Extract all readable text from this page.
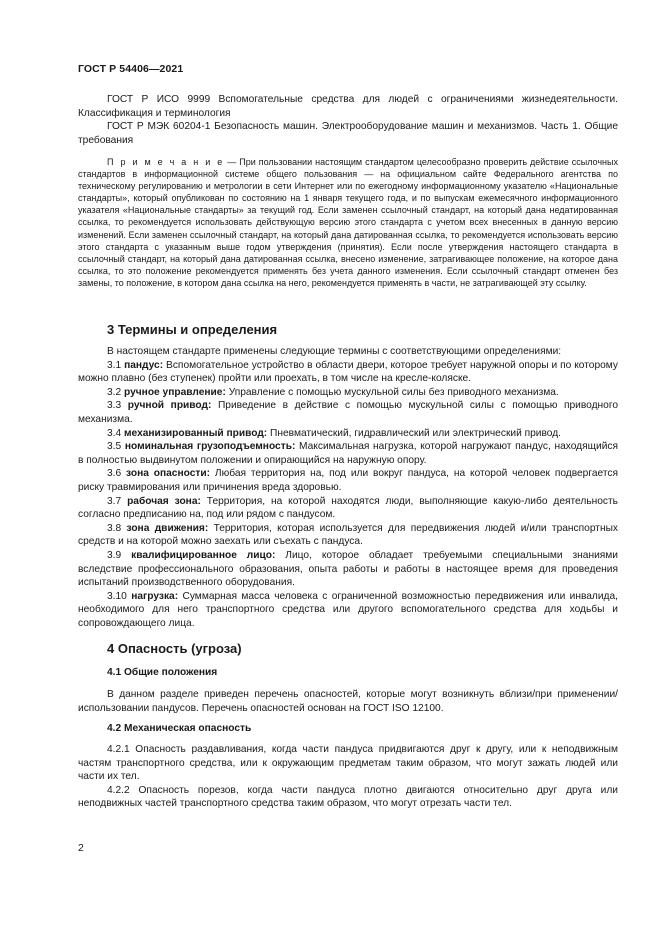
ГОСТ Р 54406—2021

ГОСТ Р ИСО 9999 Вспомогательные средства для людей с ограничениями жизнедеятельности. Классификация и терминология

ГОСТ Р МЭК 60204-1 Безопасность машин. Электрооборудование машин и механизмов. Часть 1. Общие требования

П р и м е ч а н и е — При пользовании настоящим стандартом целесообразно проверить действие ссылочных стандартов в информационной системе общего пользования — на официальном сайте Федерального агентства по техническому регулированию и метрологии в сети Интернет или по ежегодному информационному указателю «Национальные стандарты», который опубликован по состоянию на 1 января текущего года, и по выпускам ежемесячного информационного указателя «Национальные стандарты» за текущий год. Если заменен ссылочный стандарт, на который дана недатированная ссылка, то рекомендуется использовать действующую версию этого стандарта с учетом всех внесенных в данную версию изменений. Если заменен ссылочный стандарт, на который дана датированная ссылка, то рекомендуется использовать версию этого стандарта с указанным выше годом утверждения (принятия). Если после утверждения настоящего стандарта в ссылочный стандарт, на который дана датированная ссылка, внесено изменение, затрагивающее положение, на которое дана ссылка, то это положение рекомендуется применять без учета данного изменения. Если ссылочный стандарт отменен без замены, то положение, в котором дана ссылка на него, рекомендуется применять в части, не затрагивающей эту ссылку.

3 Термины и определения

В настоящем стандарте применены следующие термины с соответствующими определениями:

3.1 пандус: Вспомогательное устройство в области двери, которое требует наружной опоры и по которому можно плавно (без ступенек) пройти или проехать, в том числе на кресле-коляске.

3.2 ручное управление: Управление с помощью мускульной силы без приводного механизма.

3.3 ручной привод: Приведение в действие с помощью мускульной силы с помощью приводного механизма.

3.4 механизированный привод: Пневматический, гидравлический или электрический привод.

3.5 номинальная грузоподъемность: Максимальная нагрузка, которой нагружают пандус, находящийся в полностью выдвинутом положении и опирающийся на наружную опору.

3.6 зона опасности: Любая территория на, под или вокруг пандуса, на которой человек подвергается риску травмирования или причинения вреда здоровью.

3.7 рабочая зона: Территория, на которой находятся люди, выполняющие какую-либо деятельность согласно предписанию на, под или рядом с пандусом.

3.8 зона движения: Территория, которая используется для передвижения людей и/или транспортных средств и на которой можно заехать или съехать с пандуса.

3.9 квалифицированное лицо: Лицо, которое обладает требуемыми специальными знаниями вследствие профессионального образования, опыта работы и работы в настоящее время для проведения испытаний производственного оборудования.

3.10 нагрузка: Суммарная масса человека с ограниченной возможностью передвижения или инвалида, необходимого для него транспортного средства или другого вспомогательного средства для ходьбы и сопровождающего лица.

4 Опасность (угроза)
4.1 Общие положения

В данном разделе приведен перечень опасностей, которые могут возникнуть вблизи/при применении/использовании пандусов. Перечень опасностей основан на ГОСТ ISO 12100.

4.2 Механическая опасность

4.2.1 Опасность раздавливания, когда части пандуса придвигаются друг к другу, или к неподвижным частям транспортного средства, или к окружающим предметам таким образом, что могут зажать людей или части их тел.

4.2.2 Опасность порезов, когда части пандуса плотно двигаются относительно друг друга или неподвижных частей транспортного средства таким образом, что могут отрезать части тел.

2
